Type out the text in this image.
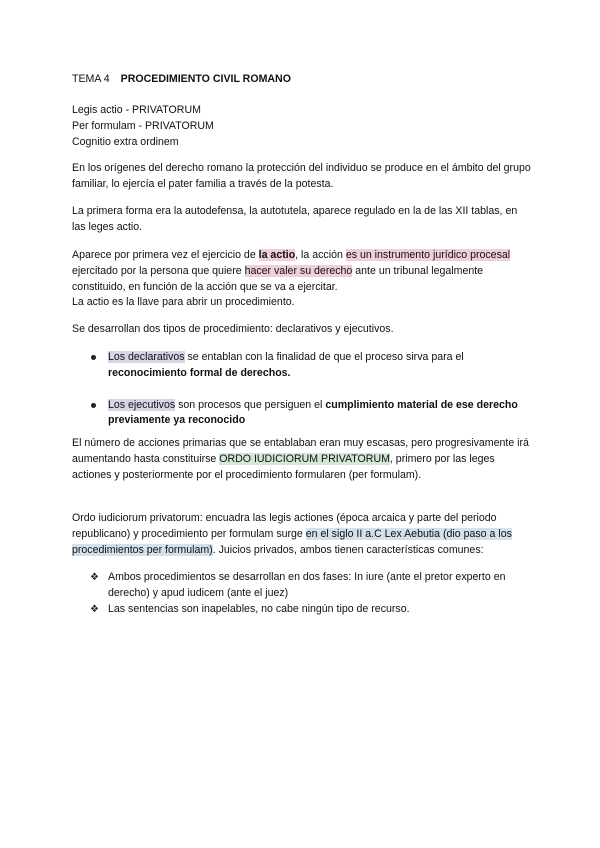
TEMA 4 PROCEDIMIENTO CIVIL ROMANO

Legis actio - PRIVATORUM

Per formulam - PRIVATORUM

Cognitio extra ordinem

En los orígenes del derecho romano la protección del individuo se produce en el ámbito del grupo familiar, lo ejercía el pater familia a través de la potesta.

La primera forma era la autodefensa, la autotutela, aparece regulado en la de las XII tablas, en las leges actio.

Aparece por primera vez el ejercicio de la actio, la acción es un instrumento jurídico procesal ejercitado por la persona que quiere hacer valer su derecho ante un tribunal legalmente constituido, en función de la acción que se va a ejercitar.

La actio es la llave para abrir un procedimiento.

Se desarrollan dos tipos de procedimiento: declarativos y ejecutivos.

Los declarativos se entablan con la finalidad de que el proceso sirva para el reconocimiento formal de derechos.
Los ejecutivos son procesos que persiguen el cumplimiento material de ese derecho previamente ya reconocido

El número de acciones primarias que se entablaban eran muy escasas, pero progresivamente irá aumentando hasta constituirse ORDO IUDICIORUM PRIVATORUM, primero por las leges actiones y posteriormente por el procedimiento formularen (per formulam).

Ordo iudiciorum privatorum: encuadra las legis actiones (época arcaica y parte del periodo republicano) y procedimiento per formulam surge en el siglo II a.C Lex Aebutia (dio paso a los procedimientos per formulam). Juicios privados, ambos tienen características comunes:

❖ Ambos procedimientos se desarrollan en dos fases: In iure (ante el pretor experto en derecho) y apud iudicem (ante el juez)
❖ Las sentencias son inapelables, no cabe ningún tipo de recurso.
